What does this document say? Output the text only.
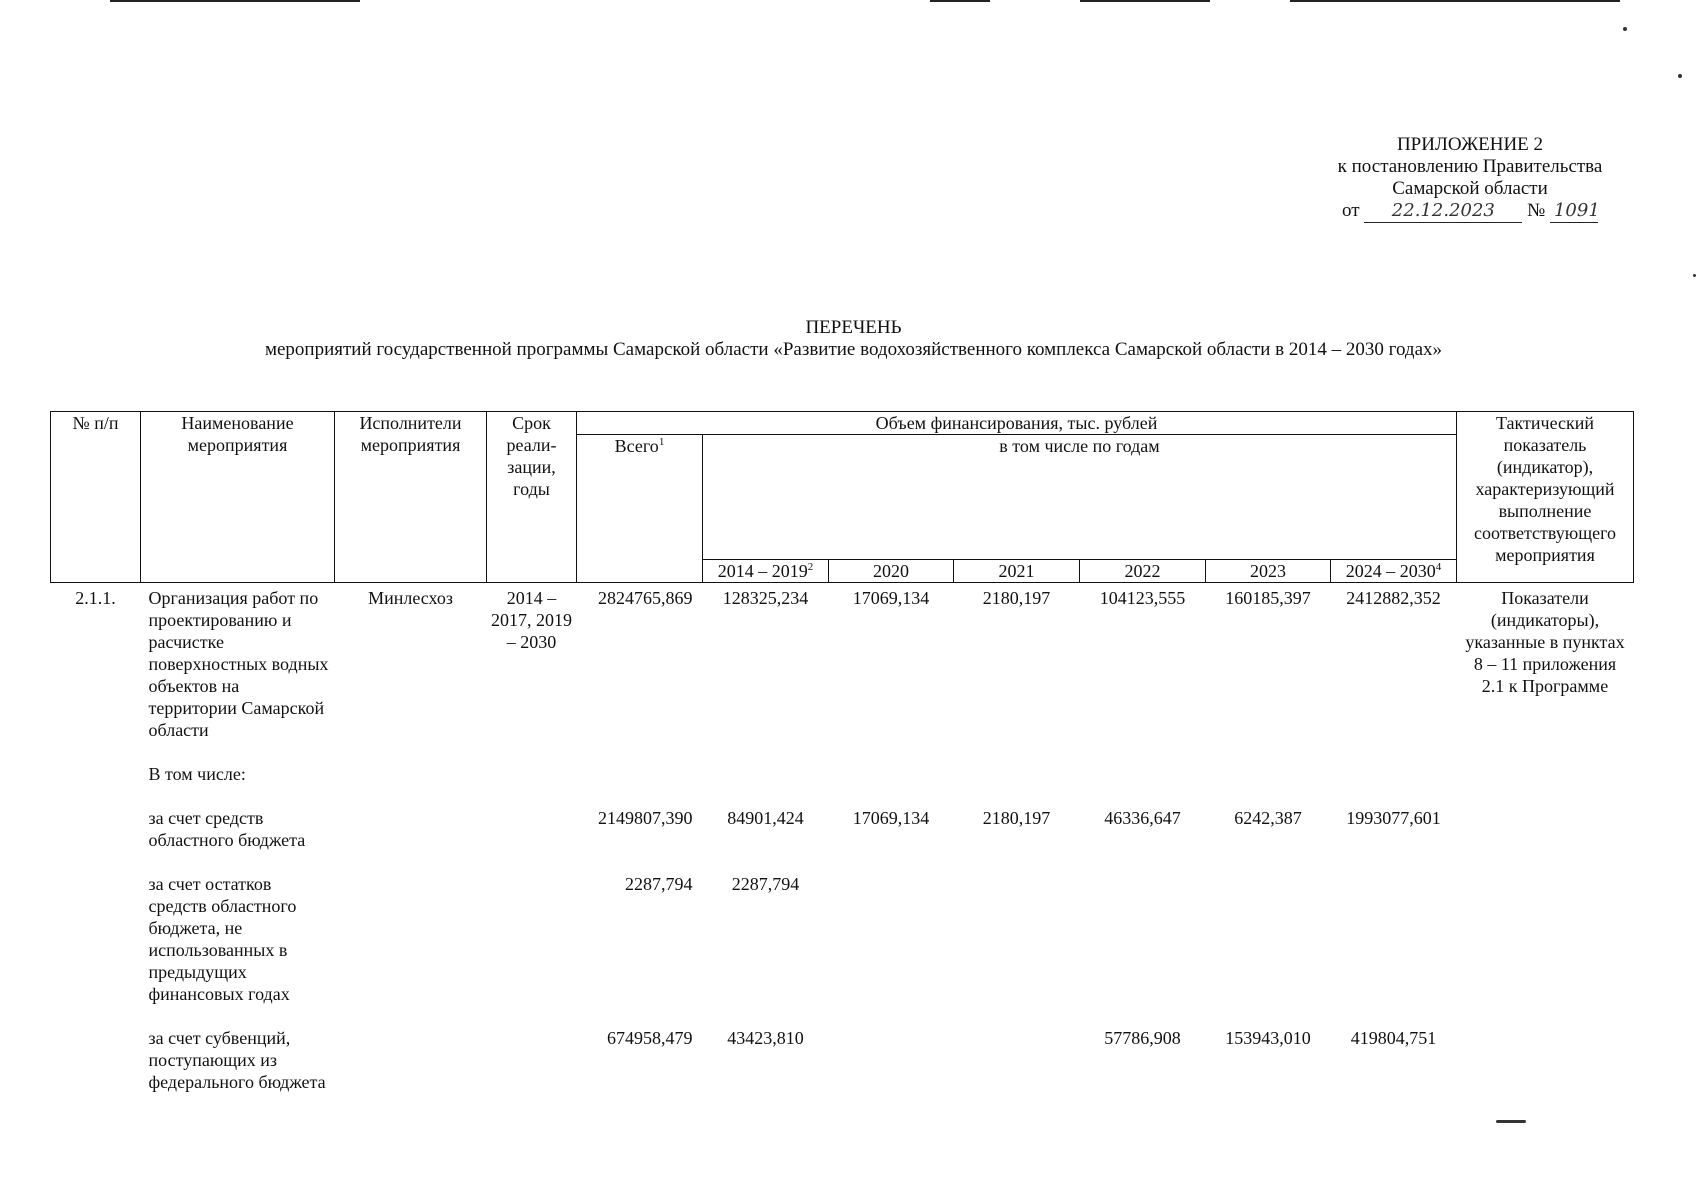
ПРИЛОЖЕНИЕ 2
к постановлению Правительства
Самарской области
от 22.12.2023 № 1091
ПЕРЕЧЕНЬ
мероприятий государственной программы Самарской области «Развитие водохозяйственного комплекса Самарской области в 2014 – 2030 годах»
№ п/п	Наименование мероприятия	Исполнители мероприятия	Срок реали-зации, годы	Объем финансирования, тыс. рублей							Тактический показатель (индикатор), характеризующий выполнение соответствующего мероприятия
				Всего$^1$	в том числе по годам						
					2014 – 2019$^2$	2020	2021	2022	2023	2024 – 2030$^4$
2.1.1.	Организация работ по проектированию и расчистке поверхностных водных объектов на территории Самарской области	Минлесхоз	2014 – 2017, 2019 – 2030	2824765,869	128325,234	17069,134	2180,197	104123,555	160185,397	2412882,352	Показатели (индикаторы), указанные в пунктах 8 – 11 приложения 2.1 к Программе

	В том числе:										

	за счет средств областного бюджета			2149807,390	84901,424	17069,134	2180,197	46336,647	6242,387	1993077,601	

	за счет остатков средств областного бюджета, не использованных в предыдущих финансовых годах			2287,794	2287,794						

	за счет субвенций, поступающих из федерального бюджета			674958,479	43423,810			57786,908	153943,010	419804,751	
